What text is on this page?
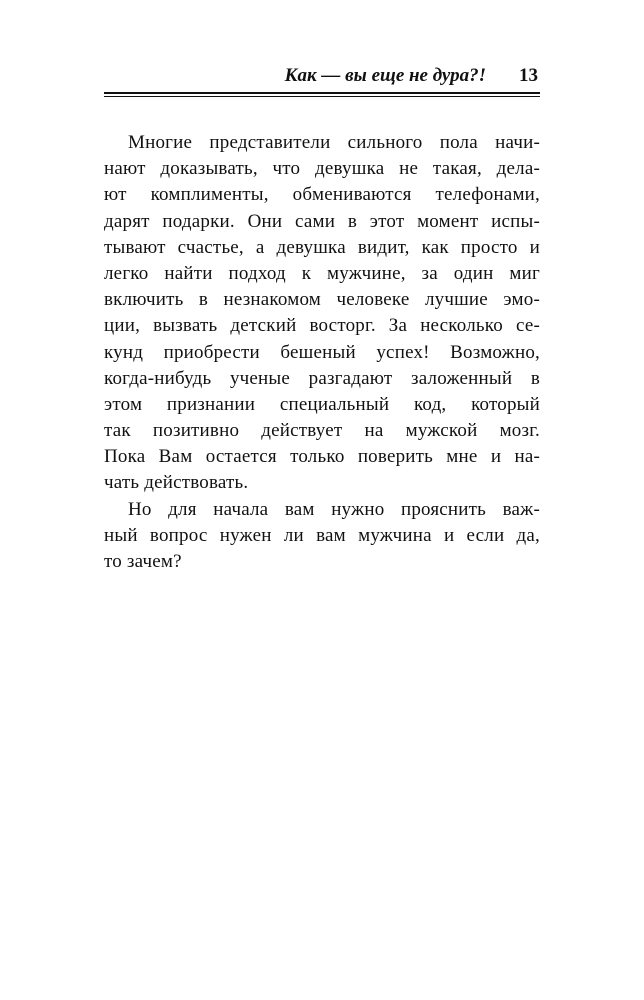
Как — вы еще не дура?! 13
Многие представители сильного пола начи-
нают доказывать, что девушка не такая, дела-
ют комплименты, обмениваются телефонами,
дарят подарки. Они сами в этот момент испы-
тывают счастье, а девушка видит, как просто и
легко найти подход к мужчине, за один миг
включить в незнакомом человеке лучшие эмо-
ции, вызвать детский восторг. За несколько се-
кунд приобрести бешеный успех! Возможно,
когда-нибудь ученые разгадают заложенный в
этом признании специальный код, который
так позитивно действует на мужской мозг.
Пока Вам остается только поверить мне и на-
чать действовать.
Но для начала вам нужно прояснить важ-
ный вопрос нужен ли вам мужчина и если да,
то зачем?
